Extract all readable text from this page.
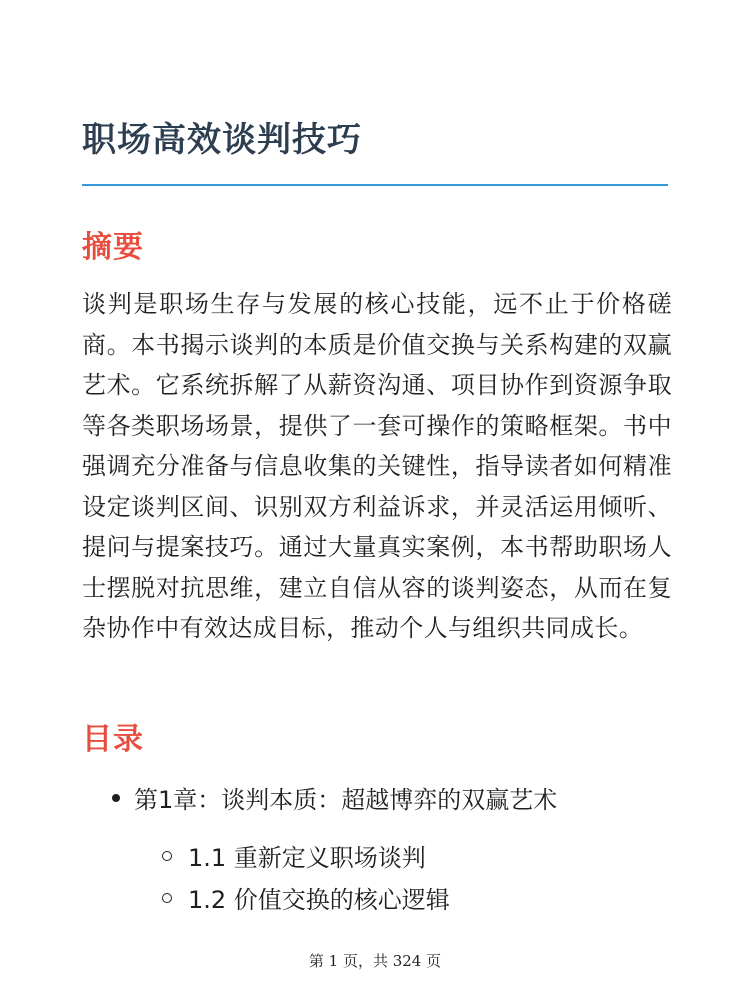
职场高效谈判技巧
摘要

谈判是职场生存与发展的核心技能，远不止于价格磋商。本书揭示谈判的本质是价值交换与关系构建的双赢艺术。它系统拆解了从薪资沟通、项目协作到资源争取等各类职场场景，提供了一套可操作的策略框架。书中强调充分准备与信息收集的关键性，指导读者如何精准设定谈判区间、识别双方利益诉求，并灵活运用倾听、提问与提案技巧。通过大量真实案例，本书帮助职场人士摆脱对抗思维，建立自信从容的谈判姿态，从而在复杂协作中有效达成目标，推动个人与组织共同成长。

目录
第1章：谈判本质：超越博弈的双赢艺术
1.1 重新定义职场谈判
1.2 价值交换的核心逻辑
第 1 页，共 324 页
